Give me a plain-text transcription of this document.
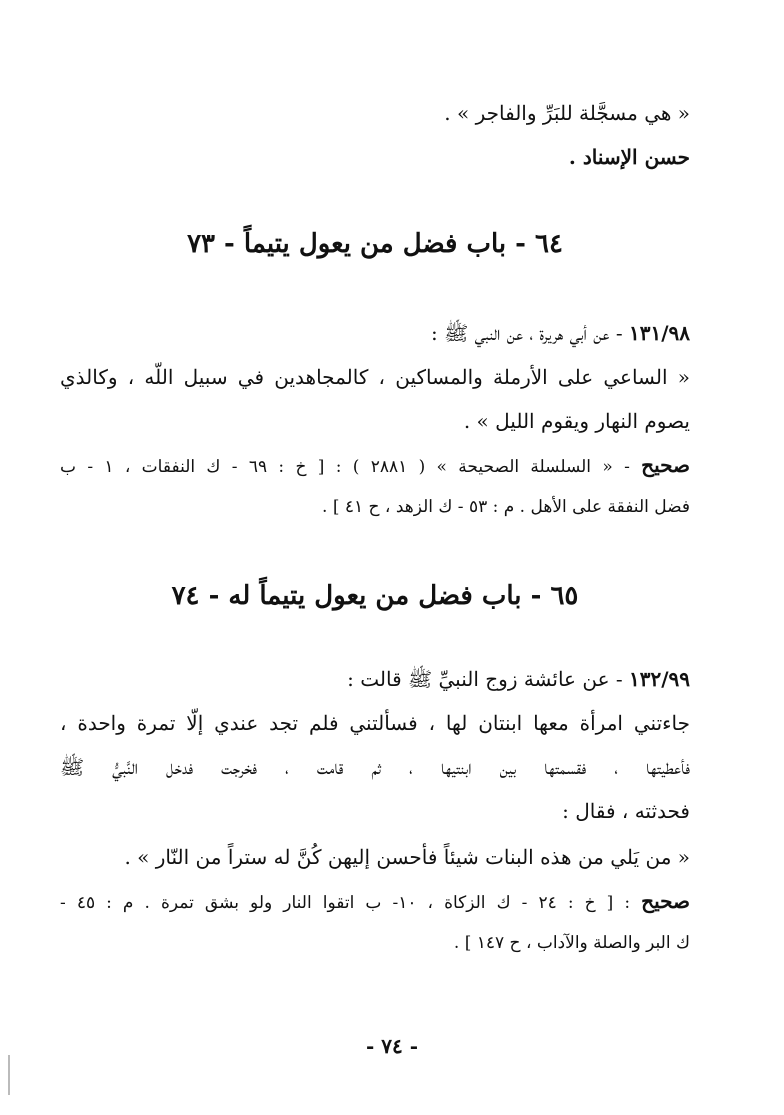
« هي مسجَّلة للبَرِّ والفاجر » .
حسن الإسناد .
٦٤ - باب فضل من يعول يتيماً - ٧٣
١٣١/٩٨ - عن أبي هريرة ، عن النبي ﷺ :
« الساعي على الأرملة والمساكين ، كالمجاهدين في سبيل اللّه ، وكالذي
يصوم النهار ويقوم الليل » .
صحيح - « السلسلة الصحيحة » ( ٢٨٨١ ) : [ خ : ٦٩ - ك النفقات ، ١ - ب
فضل النفقة على الأهل . م : ٥٣ - ك الزهد ، ح ٤١ ] .
٦٥ - باب فضل من يعول يتيماً له - ٧٤
١٣٢/٩٩ - عن عائشة زوج النبيِّ ﷺ قالت :
جاءتني امرأة معها ابنتان لها ، فسألتني فلم تجد عندي إلّا تمرة واحدة ،
فأعطيتها ، فقسمتها بين ابنتيها ، ثم قامت ، فخرجت فدخل النَّبيُّ ﷺ
فحدثته ، فقال :
« من يَلي من هذه البنات شيئاً فأحسن إليهن كُنَّ له ستراً من النّار » .
صحيح : [ خ : ٢٤ - ك الزكاة ، ١٠- ب اتقوا النار ولو بشق تمرة . م : ٤٥ -
ك البر والصلة والآداب ، ح ١٤٧ ] .
- ٧٤ -
